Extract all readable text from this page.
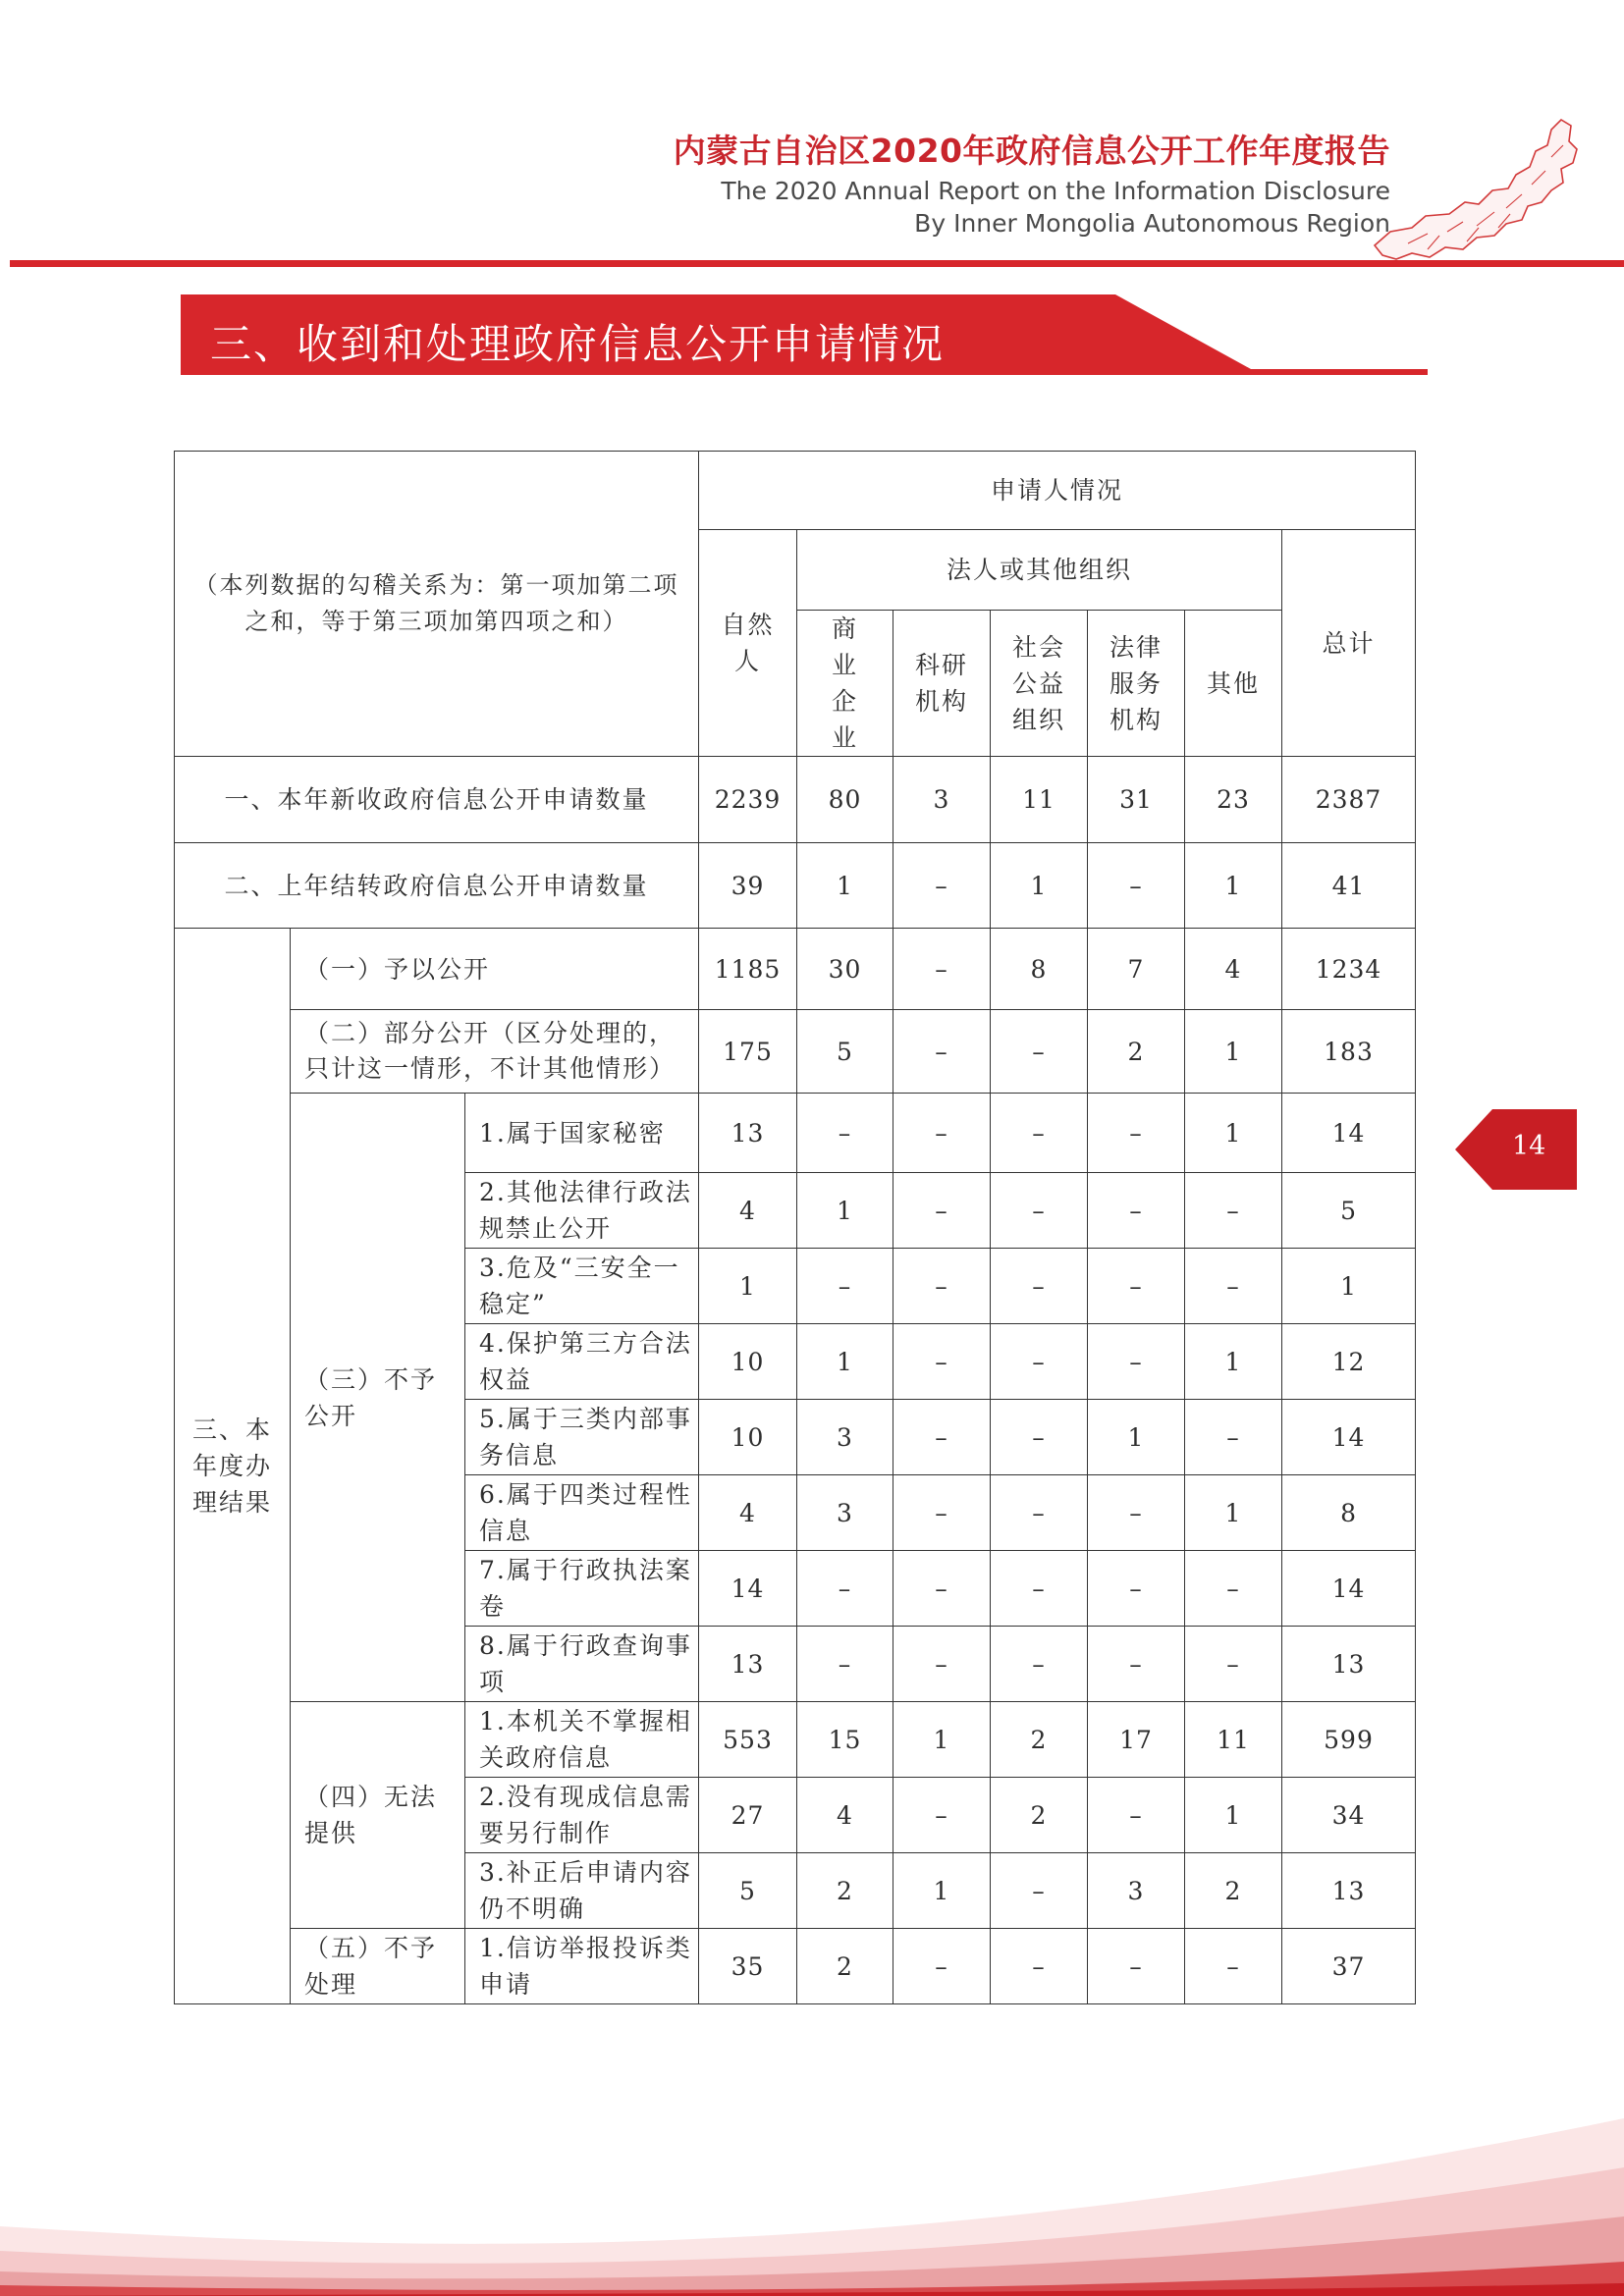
内蒙古自治区2020年政府信息公开工作年度报告
The 2020 Annual Report on the Information Disclosure
By Inner Mongolia Autonomous Region
三、收到和处理政府信息公开申请情况
（本列数据的勾稽关系为：第一项加第二项之和，等于第三项加第四项之和）			申请人情况						
			自然人	法人或其他组织					总计
				商业企业	科研机构	社会公益组织	法律服务机构	其他	
一、本年新收政府信息公开申请数量			2239	80	3	11	31	23	2387
二、上年结转政府信息公开申请数量			39	1	–	1	–	1	41
三、本年度办理结果	（一）予以公开		1185	30	–	8	7	4	1234
	（二）部分公开（区分处理的，只计这一情形，不计其他情形）		175	5	–	–	2	1	183
	（三）不予公开	1.属于国家秘密	13	–	–	–	–	1	14
		2.其他法律行政法规禁止公开	4	1	–	–	–	–	5
		3.危及“三安全一稳定”	1	–	–	–	–	–	1
		4.保护第三方合法权益	10	1	–	–	–	1	12
		5.属于三类内部事务信息	10	3	–	–	1	–	14
		6.属于四类过程性信息	4	3	–	–	–	1	8
		7.属于行政执法案卷	14	–	–	–	–	–	14
		8.属于行政查询事项	13	–	–	–	–	–	13
	（四）无法提供	1.本机关不掌握相关政府信息	553	15	1	2	17	11	599
		2.没有现成信息需要另行制作	27	4	–	2	–	1	34
		3.补正后申请内容仍不明确	5	2	1	–	3	2	13
	（五）不予处理	1.信访举报投诉类申请	35	2	–	–	–	–	37
14
